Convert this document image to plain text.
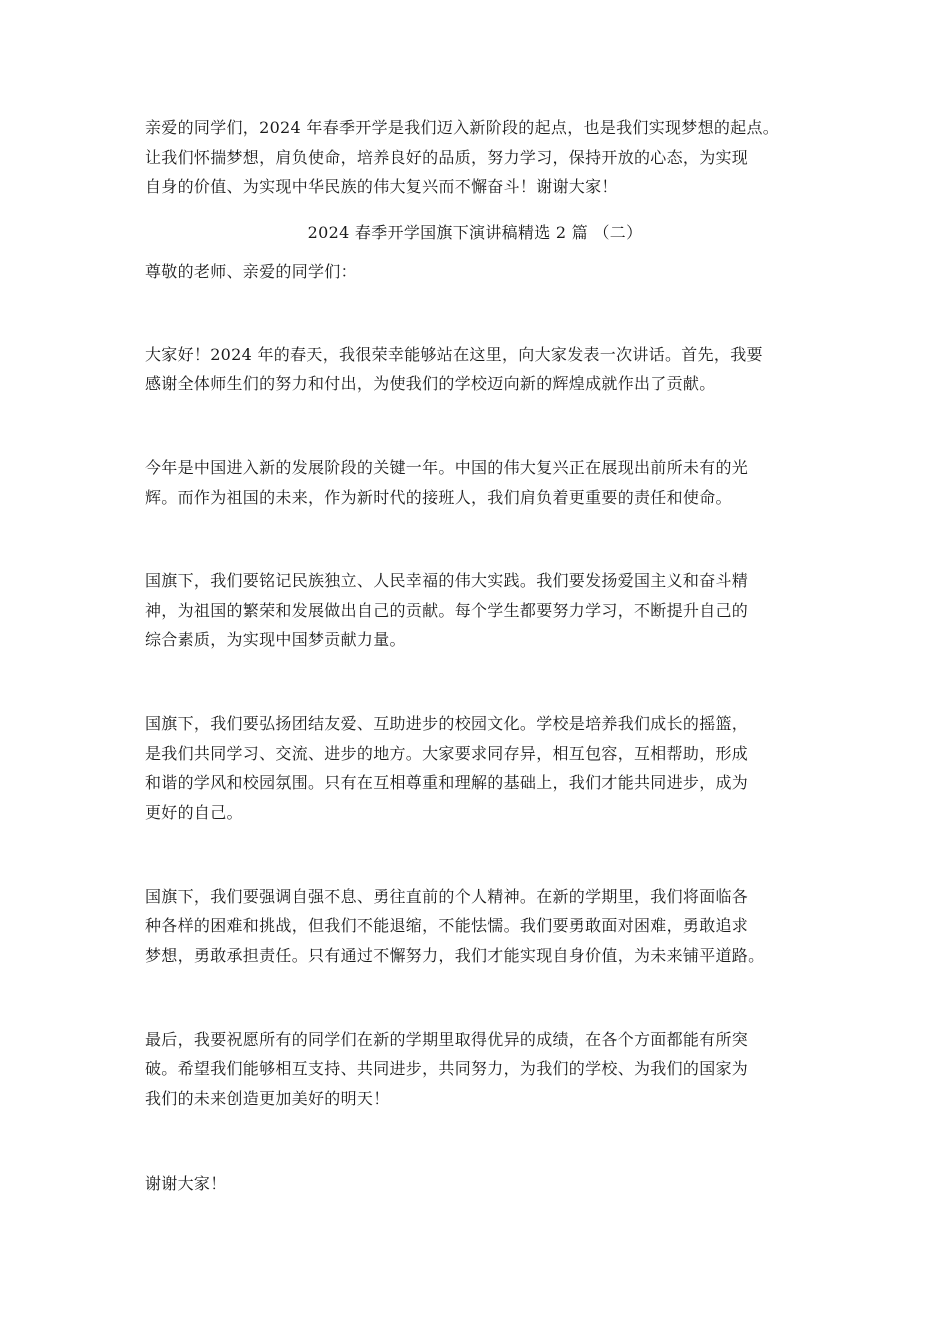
亲爱的同学们，2024 年春季开学是我们迈入新阶段的起点，也是我们实现梦想的起点。
让我们怀揣梦想，肩负使命，培养良好的品质，努力学习，保持开放的心态，为实现
自身的价值、为实现中华民族的伟大复兴而不懈奋斗！谢谢大家！
2024 春季开学国旗下演讲稿精选 2 篇 （二）
尊敬的老师、亲爱的同学们：
大家好！2024 年的春天，我很荣幸能够站在这里，向大家发表一次讲话。首先，我要
感谢全体师生们的努力和付出，为使我们的学校迈向新的辉煌成就作出了贡献。
今年是中国进入新的发展阶段的关键一年。中国的伟大复兴正在展现出前所未有的光
辉。而作为祖国的未来，作为新时代的接班人，我们肩负着更重要的责任和使命。
国旗下，我们要铭记民族独立、人民幸福的伟大实践。我们要发扬爱国主义和奋斗精
神，为祖国的繁荣和发展做出自己的贡献。每个学生都要努力学习，不断提升自己的
综合素质，为实现中国梦贡献力量。
国旗下，我们要弘扬团结友爱、互助进步的校园文化。学校是培养我们成长的摇篮，
是我们共同学习、交流、进步的地方。大家要求同存异，相互包容，互相帮助，形成
和谐的学风和校园氛围。只有在互相尊重和理解的基础上，我们才能共同进步，成为
更好的自己。
国旗下，我们要强调自强不息、勇往直前的个人精神。在新的学期里，我们将面临各
种各样的困难和挑战，但我们不能退缩，不能怯懦。我们要勇敢面对困难，勇敢追求
梦想，勇敢承担责任。只有通过不懈努力，我们才能实现自身价值，为未来铺平道路。
最后，我要祝愿所有的同学们在新的学期里取得优异的成绩，在各个方面都能有所突
破。希望我们能够相互支持、共同进步，共同努力，为我们的学校、为我们的国家为
我们的未来创造更加美好的明天！
谢谢大家！
